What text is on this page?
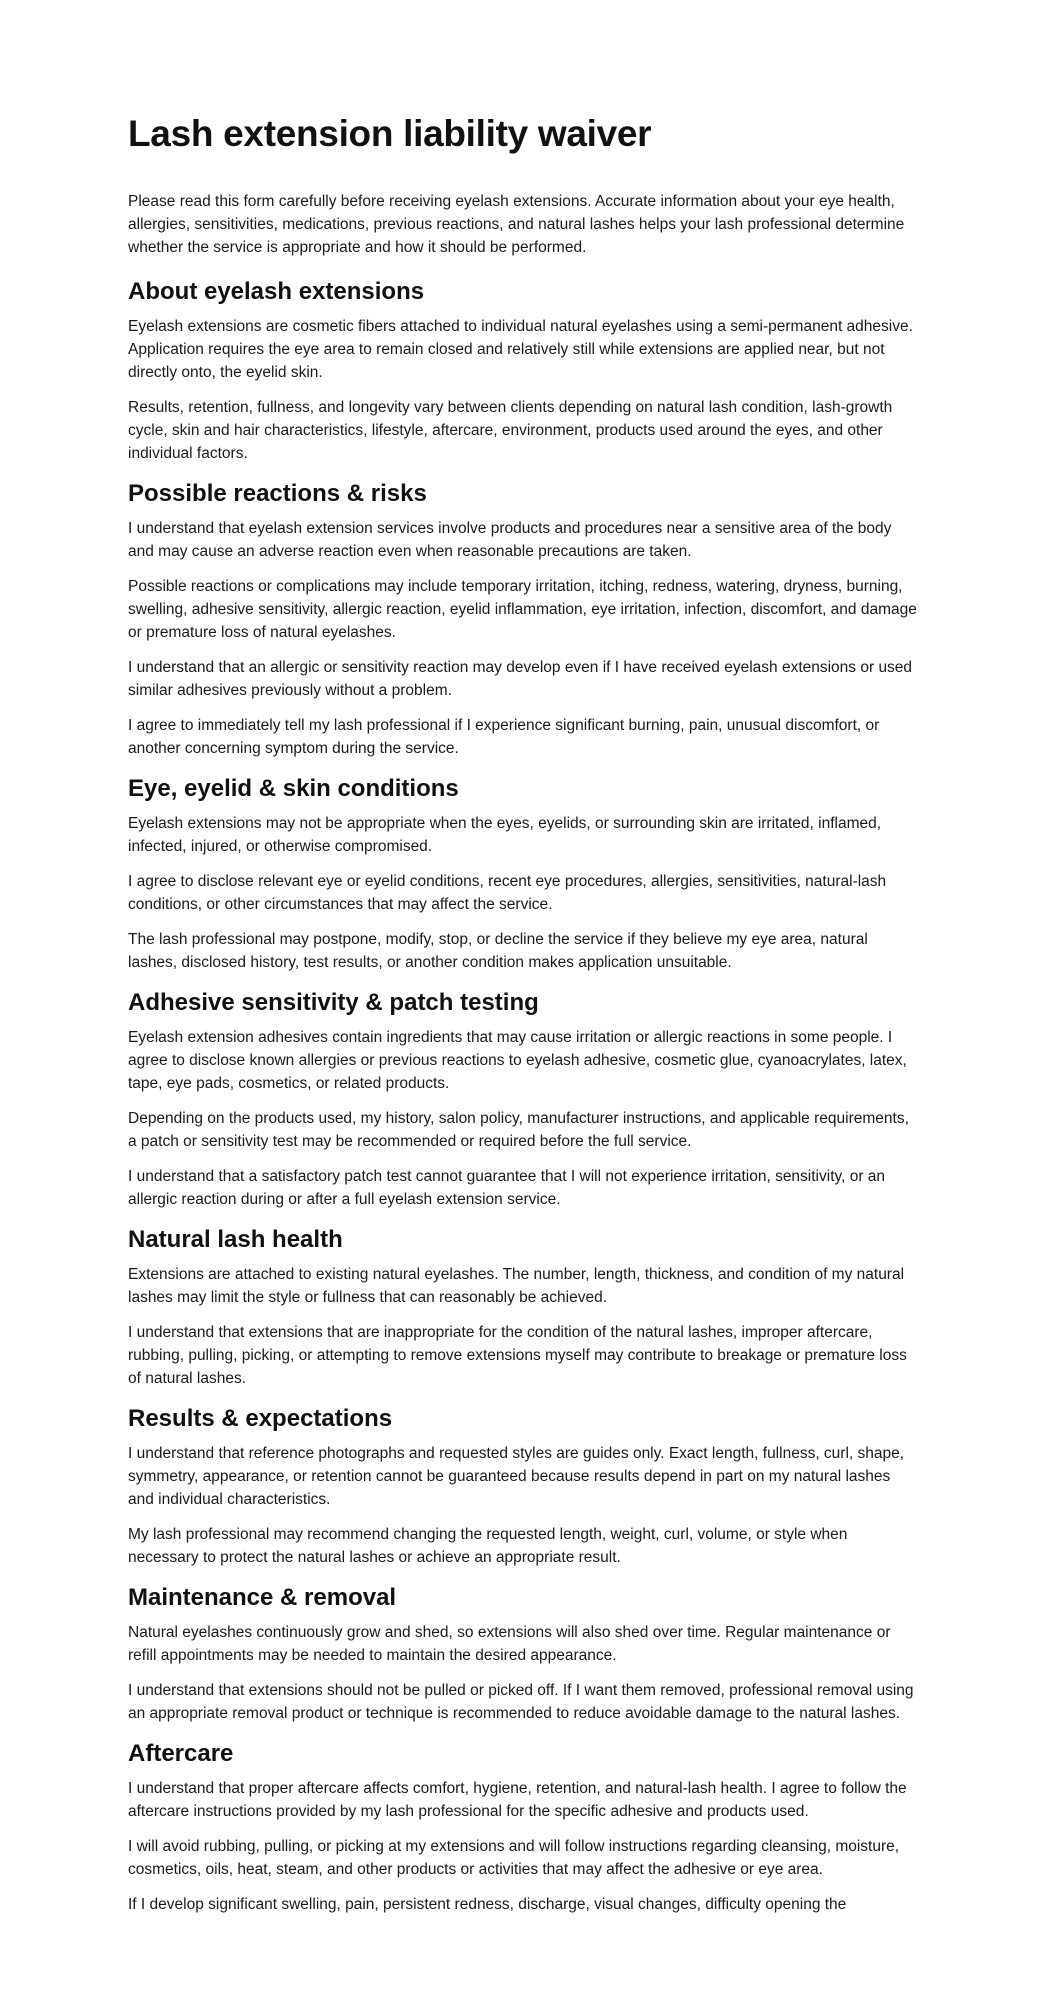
Lash extension liability waiver

Please read this form carefully before receiving eyelash extensions. Accurate information about your eye health, allergies, sensitivities, medications, previous reactions, and natural lashes helps your lash professional determine whether the service is appropriate and how it should be performed.

About eyelash extensions

Eyelash extensions are cosmetic fibers attached to individual natural eyelashes using a semi-permanent adhesive. Application requires the eye area to remain closed and relatively still while extensions are applied near, but not directly onto, the eyelid skin.

Results, retention, fullness, and longevity vary between clients depending on natural lash condition, lash-growth cycle, skin and hair characteristics, lifestyle, aftercare, environment, products used around the eyes, and other individual factors.

Possible reactions & risks

I understand that eyelash extension services involve products and procedures near a sensitive area of the body and may cause an adverse reaction even when reasonable precautions are taken.

Possible reactions or complications may include temporary irritation, itching, redness, watering, dryness, burning, swelling, adhesive sensitivity, allergic reaction, eyelid inflammation, eye irritation, infection, discomfort, and damage or premature loss of natural eyelashes.

I understand that an allergic or sensitivity reaction may develop even if I have received eyelash extensions or used similar adhesives previously without a problem.

I agree to immediately tell my lash professional if I experience significant burning, pain, unusual discomfort, or another concerning symptom during the service.

Eye, eyelid & skin conditions

Eyelash extensions may not be appropriate when the eyes, eyelids, or surrounding skin are irritated, inflamed, infected, injured, or otherwise compromised.

I agree to disclose relevant eye or eyelid conditions, recent eye procedures, allergies, sensitivities, natural-lash conditions, or other circumstances that may affect the service.

The lash professional may postpone, modify, stop, or decline the service if they believe my eye area, natural lashes, disclosed history, test results, or another condition makes application unsuitable.

Adhesive sensitivity & patch testing

Eyelash extension adhesives contain ingredients that may cause irritation or allergic reactions in some people. I agree to disclose known allergies or previous reactions to eyelash adhesive, cosmetic glue, cyanoacrylates, latex, tape, eye pads, cosmetics, or related products.

Depending on the products used, my history, salon policy, manufacturer instructions, and applicable requirements, a patch or sensitivity test may be recommended or required before the full service.

I understand that a satisfactory patch test cannot guarantee that I will not experience irritation, sensitivity, or an allergic reaction during or after a full eyelash extension service.

Natural lash health

Extensions are attached to existing natural eyelashes. The number, length, thickness, and condition of my natural lashes may limit the style or fullness that can reasonably be achieved.

I understand that extensions that are inappropriate for the condition of the natural lashes, improper aftercare, rubbing, pulling, picking, or attempting to remove extensions myself may contribute to breakage or premature loss of natural lashes.

Results & expectations

I understand that reference photographs and requested styles are guides only. Exact length, fullness, curl, shape, symmetry, appearance, or retention cannot be guaranteed because results depend in part on my natural lashes and individual characteristics.

My lash professional may recommend changing the requested length, weight, curl, volume, or style when necessary to protect the natural lashes or achieve an appropriate result.

Maintenance & removal

Natural eyelashes continuously grow and shed, so extensions will also shed over time. Regular maintenance or refill appointments may be needed to maintain the desired appearance.

I understand that extensions should not be pulled or picked off. If I want them removed, professional removal using an appropriate removal product or technique is recommended to reduce avoidable damage to the natural lashes.

Aftercare

I understand that proper aftercare affects comfort, hygiene, retention, and natural-lash health. I agree to follow the aftercare instructions provided by my lash professional for the specific adhesive and products used.

I will avoid rubbing, pulling, or picking at my extensions and will follow instructions regarding cleansing, moisture, cosmetics, oils, heat, steam, and other products or activities that may affect the adhesive or eye area.

If I develop significant swelling, pain, persistent redness, discharge, visual changes, difficulty opening the
